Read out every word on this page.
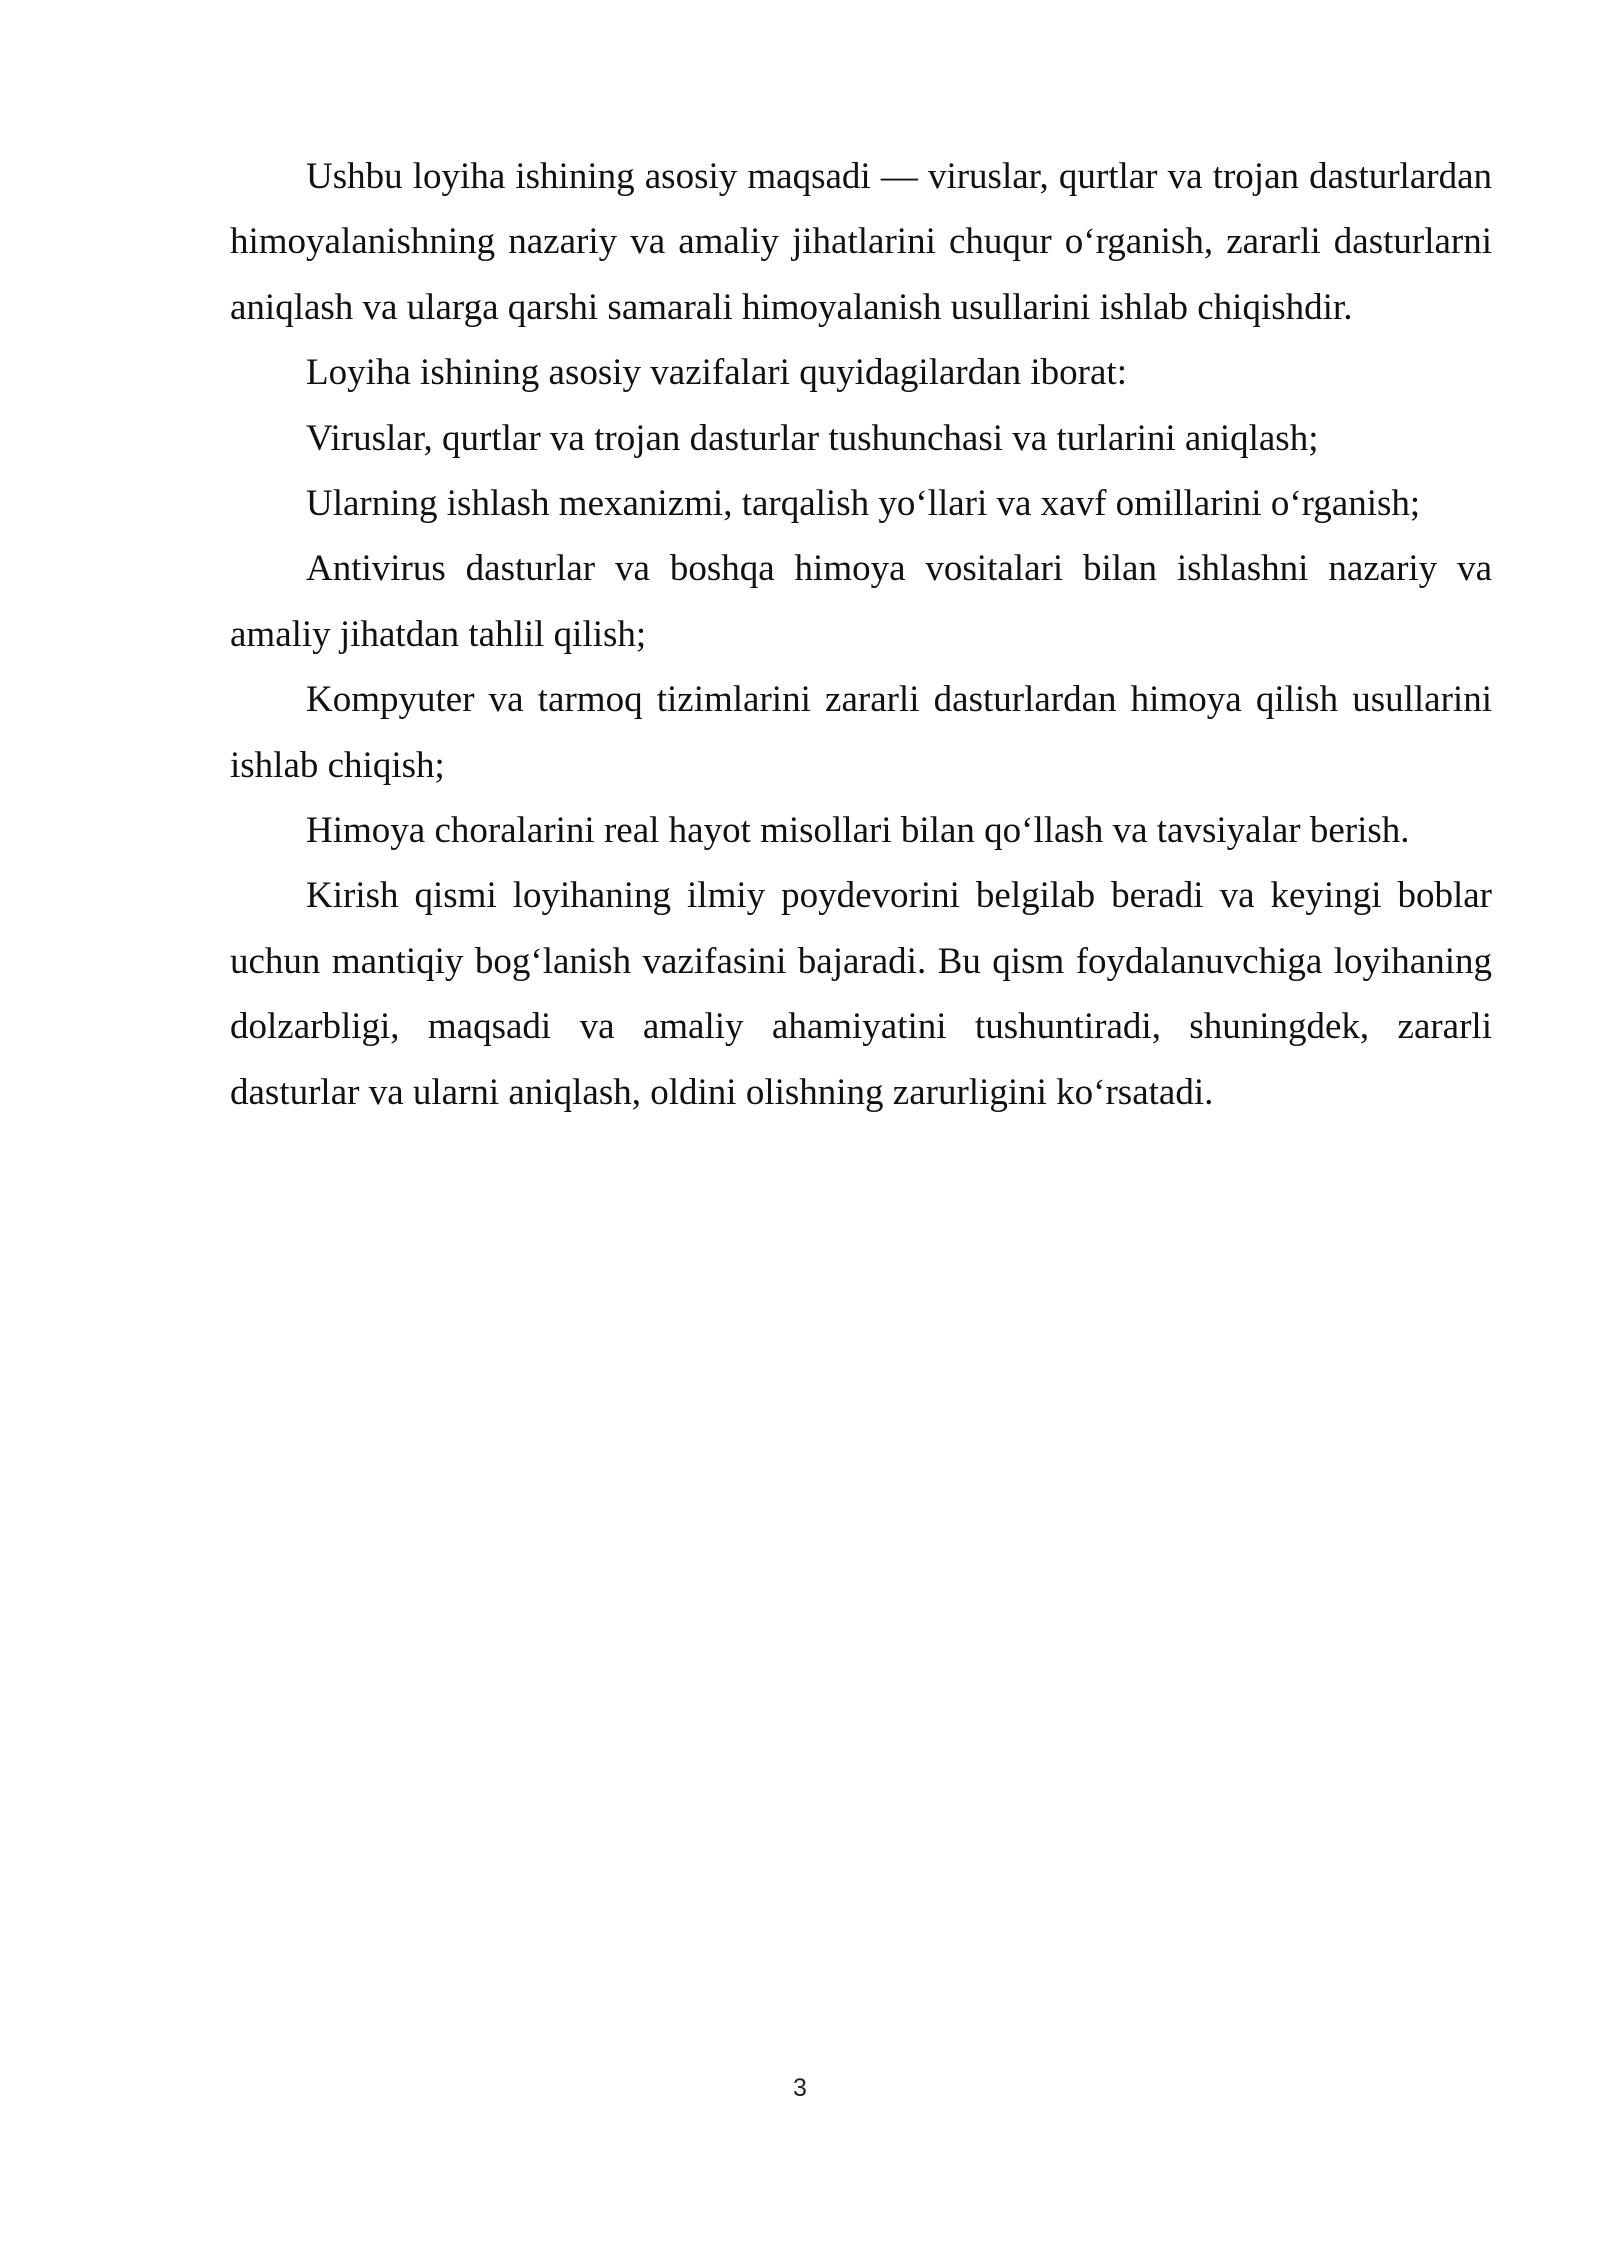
Ushbu loyiha ishining asosiy maqsadi — viruslar, qurtlar va trojan dasturlardan himoyalanishning nazariy va amaliy jihatlarini chuqur o‘rganish, zararli dasturlarni aniqlash va ularga qarshi samarali himoyalanish usullarini ishlab chiqishdir.

Loyiha ishining asosiy vazifalari quyidagilardan iborat:

Viruslar, qurtlar va trojan dasturlar tushunchasi va turlarini aniqlash;

Ularning ishlash mexanizmi, tarqalish yo‘llari va xavf omillarini o‘rganish;

Antivirus dasturlar va boshqa himoya vositalari bilan ishlashni nazariy va amaliy jihatdan tahlil qilish;

Kompyuter va tarmoq tizimlarini zararli dasturlardan himoya qilish usullarini ishlab chiqish;

Himoya choralarini real hayot misollari bilan qo‘llash va tavsiyalar berish.

Kirish qismi loyihaning ilmiy poydevorini belgilab beradi va keyingi boblar uchun mantiqiy bog‘lanish vazifasini bajaradi. Bu qism foydalanuvchiga loyihaning dolzarbligi, maqsadi va amaliy ahamiyatini tushuntiradi, shuningdek, zararli dasturlar va ularni aniqlash, oldini olishning zarurligini ko‘rsatadi.

3
